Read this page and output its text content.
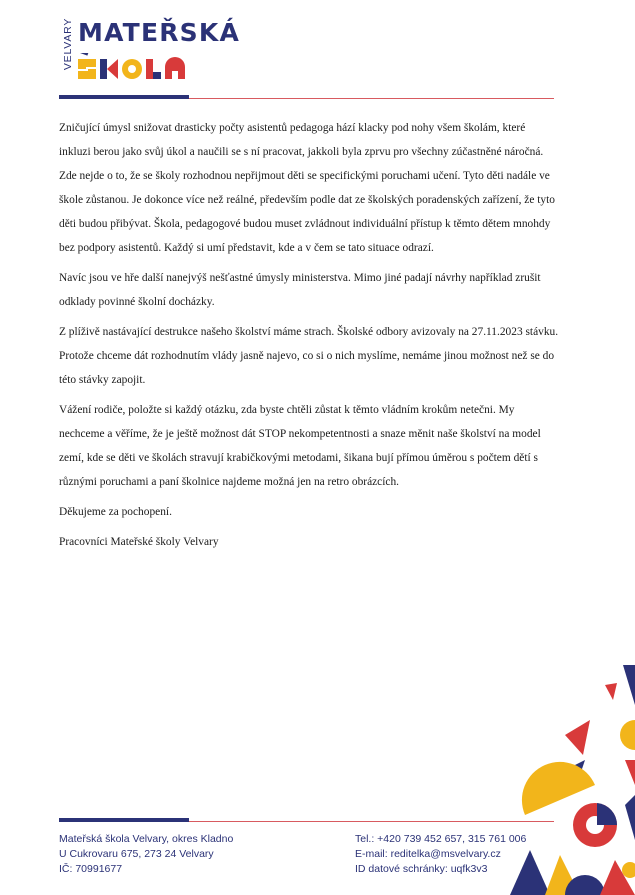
VELVARY MATEŘSKÁ

Zničující úmysl snižovat drasticky počty asistentů pedagoga hází klacky pod nohy všem školám, které inkluzi berou jako svůj úkol a naučili se s ní pracovat, jakkoli byla zprvu pro všechny zúčastněné náročná. Zde nejde o to, že se školy rozhodnou nepřijmout děti se specifickými poruchami učení. Tyto děti nadále ve škole zůstanou. Je dokonce více než reálné, především podle dat ze školských poradenských zařízení, že tyto děti budou přibývat. Škola, pedagogové budou muset zvládnout individuální přístup k těmto dětem mnohdy bez podpory asistentů. Každý si umí představit, kde a v čem se tato situace odrazí.

Navíc jsou ve hře další nanejvýš nešťastné úmysly ministerstva. Mimo jiné padají návrhy například zrušit odklady povinné školní docházky.

Z plíživě nastávající destrukce našeho školství máme strach. Školské odbory avizovaly na 27.11.2023 stávku. Protože chceme dát rozhodnutím vlády jasně najevo, co si o nich myslíme, nemáme jinou možnost než se do této stávky zapojit.

Vážení rodiče, položte si každý otázku, zda byste chtěli zůstat k těmto vládním krokům netečni. My nechceme a věříme, že je ještě možnost dát STOP nekompetentnosti a snaze měnit naše školství na model zemí, kde se děti ve školách stravují krabičkovými metodami, šikana bují přímou úměrou s počtem dětí s různými poruchami a paní školnice najdeme možná jen na retro obrázcích.

Děkujeme za pochopení.

Pracovníci Mateřské školy Velvary

Mateřská škola Velvary, okres Kladno
U Cukrovaru 675, 273 24 Velvary
IČ: 70991677
Tel.: +420 739 452 657, 315 761 006
E-mail: reditelka@msvelvary.cz
ID datové schránky: uqfk3v3
